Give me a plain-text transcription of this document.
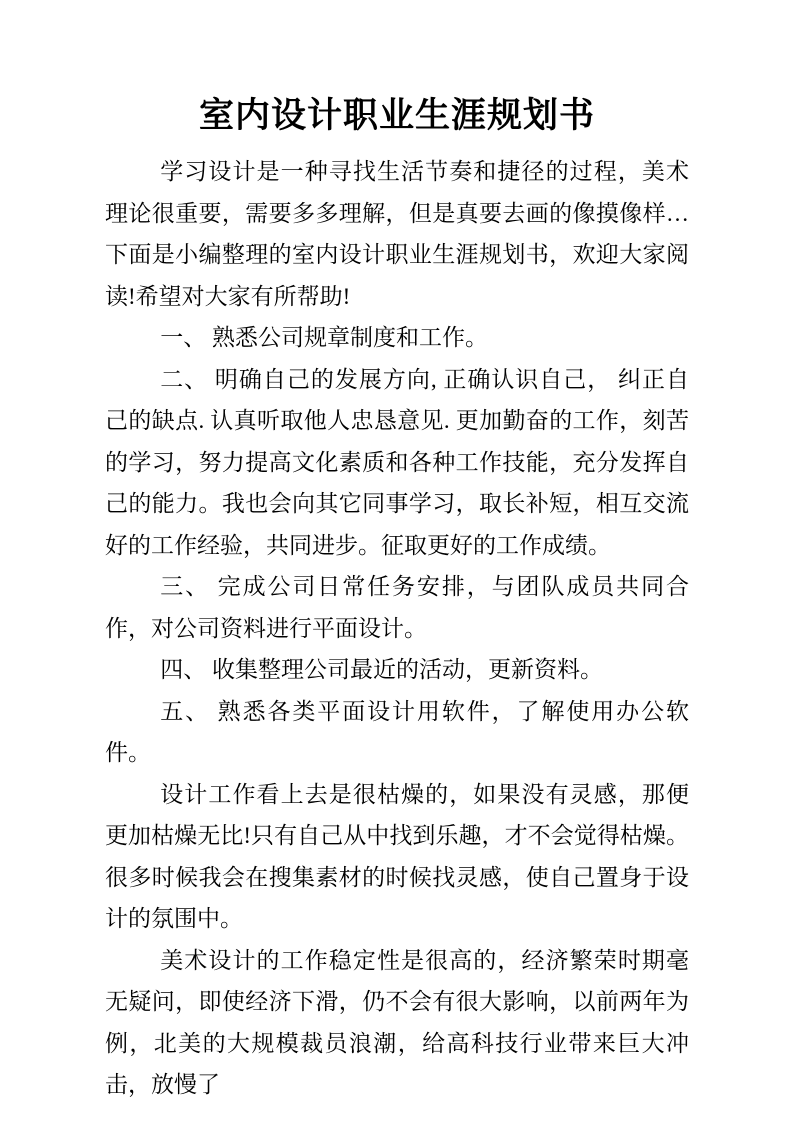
室内设计职业生涯规划书

学习设计是一种寻找生活节奏和捷径的过程，美术理论很重要，需要多多理解，但是真要去画的像摸像样…下面是小编整理的室内设计职业生涯规划书，欢迎大家阅读!希望对大家有所帮助!

一、 熟悉公司规章制度和工作。

二、 明确自己的发展方向, 正确认识自己， 纠正自己的缺点. 认真听取他人忠恳意见. 更加勤奋的工作，刻苦的学习，努力提高文化素质和各种工作技能，充分发挥自己的能力。我也会向其它同事学习，取长补短，相互交流好的工作经验，共同进步。征取更好的工作成绩。

三、 完成公司日常任务安排，与团队成员共同合作，对公司资料进行平面设计。

四、 收集整理公司最近的活动，更新资料。

五、 熟悉各类平面设计用软件，了解使用办公软件。

设计工作看上去是很枯燥的，如果没有灵感，那便更加枯燥无比!只有自己从中找到乐趣，才不会觉得枯燥。很多时候我会在搜集素材的时候找灵感，使自己置身于设计的氛围中。

美术设计的工作稳定性是很高的，经济繁荣时期毫无疑问，即使经济下滑，仍不会有很大影响，以前两年为例，北美的大规模裁员浪潮，给高科技行业带来巨大冲击，放慢了
